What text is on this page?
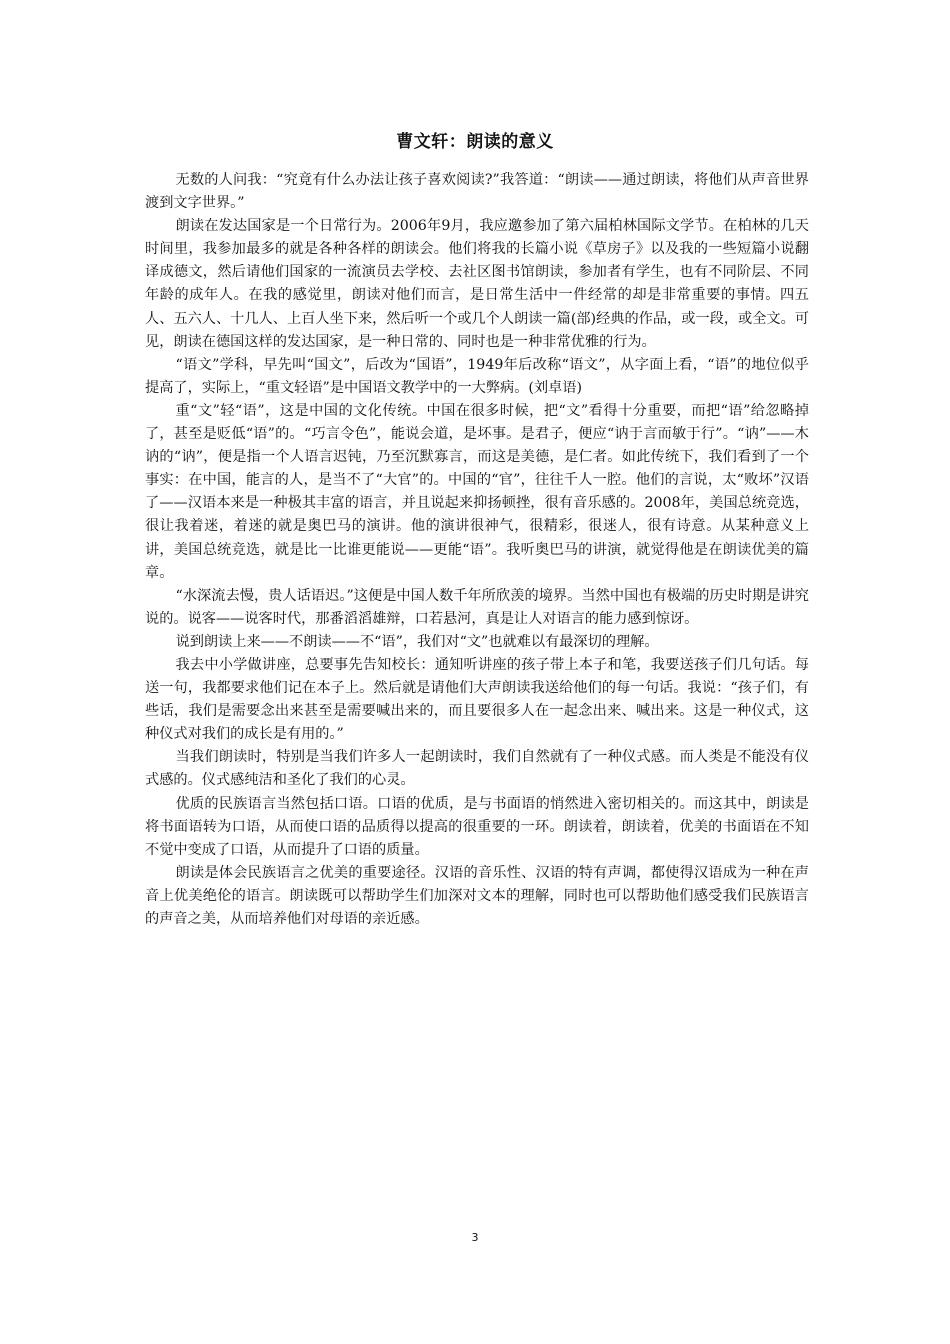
曹文轩：朗读的意义

无数的人问我：“究竟有什么办法让孩子喜欢阅读?”我答道：“朗读——通过朗读，将他们从声音世界渡到文字世界。”

朗读在发达国家是一个日常行为。2006年9月，我应邀参加了第六届柏林国际文学节。在柏林的几天时间里，我参加最多的就是各种各样的朗读会。他们将我的长篇小说《草房子》以及我的一些短篇小说翻译成德文，然后请他们国家的一流演员去学校、去社区图书馆朗读，参加者有学生，也有不同阶层、不同年龄的成年人。在我的感觉里，朗读对他们而言，是日常生活中一件经常的却是非常重要的事情。四五人、五六人、十几人、上百人坐下来，然后听一个或几个人朗读一篇(部)经典的作品，或一段，或全文。可见，朗读在德国这样的发达国家，是一种日常的、同时也是一种非常优雅的行为。

“语文”学科，早先叫“国文”，后改为“国语”，1949年后改称“语文”，从字面上看，“语”的地位似乎提高了，实际上，“重文轻语”是中国语文教学中的一大弊病。(刘卓语)

重“文”轻“语”，这是中国的文化传统。中国在很多时候，把“文”看得十分重要，而把“语”给忽略掉了，甚至是贬低“语”的。“巧言令色”，能说会道，是坏事。是君子，便应“讷于言而敏于行”。“讷”——木讷的“讷”，便是指一个人语言迟钝，乃至沉默寡言，而这是美德，是仁者。如此传统下，我们看到了一个事实：在中国，能言的人，是当不了“大官”的。中国的“官”，往往千人一腔。他们的言说，太“败坏”汉语了——汉语本来是一种极其丰富的语言，并且说起来抑扬顿挫，很有音乐感的。2008年，美国总统竞选，很让我着迷，着迷的就是奥巴马的演讲。他的演讲很神气，很精彩，很迷人，很有诗意。从某种意义上讲，美国总统竞选，就是比一比谁更能说——更能“语”。我听奥巴马的讲演，就觉得他是在朗读优美的篇章。

“水深流去慢，贵人话语迟。”这便是中国人数千年所欣羡的境界。当然中国也有极端的历史时期是讲究说的。说客——说客时代，那番滔滔雄辩，口若悬河，真是让人对语言的能力感到惊讶。

说到朗读上来——不朗读——不“语”，我们对“文”也就难以有最深切的理解。

我去中小学做讲座，总要事先告知校长：通知听讲座的孩子带上本子和笔，我要送孩子们几句话。每送一句，我都要求他们记在本子上。然后就是请他们大声朗读我送给他们的每一句话。我说：“孩子们，有些话，我们是需要念出来甚至是需要喊出来的，而且要很多人在一起念出来、喊出来。这是一种仪式，这种仪式对我们的成长是有用的。”

当我们朗读时，特别是当我们许多人一起朗读时，我们自然就有了一种仪式感。而人类是不能没有仪式感的。仪式感纯洁和圣化了我们的心灵。

优质的民族语言当然包括口语。口语的优质，是与书面语的悄然进入密切相关的。而这其中，朗读是将书面语转为口语，从而使口语的品质得以提高的很重要的一环。朗读着，朗读着，优美的书面语在不知不觉中变成了口语，从而提升了口语的质量。

朗读是体会民族语言之优美的重要途径。汉语的音乐性、汉语的特有声调，都使得汉语成为一种在声音上优美绝伦的语言。朗读既可以帮助学生们加深对文本的理解，同时也可以帮助他们感受我们民族语言的声音之美，从而培养他们对母语的亲近感。

3
